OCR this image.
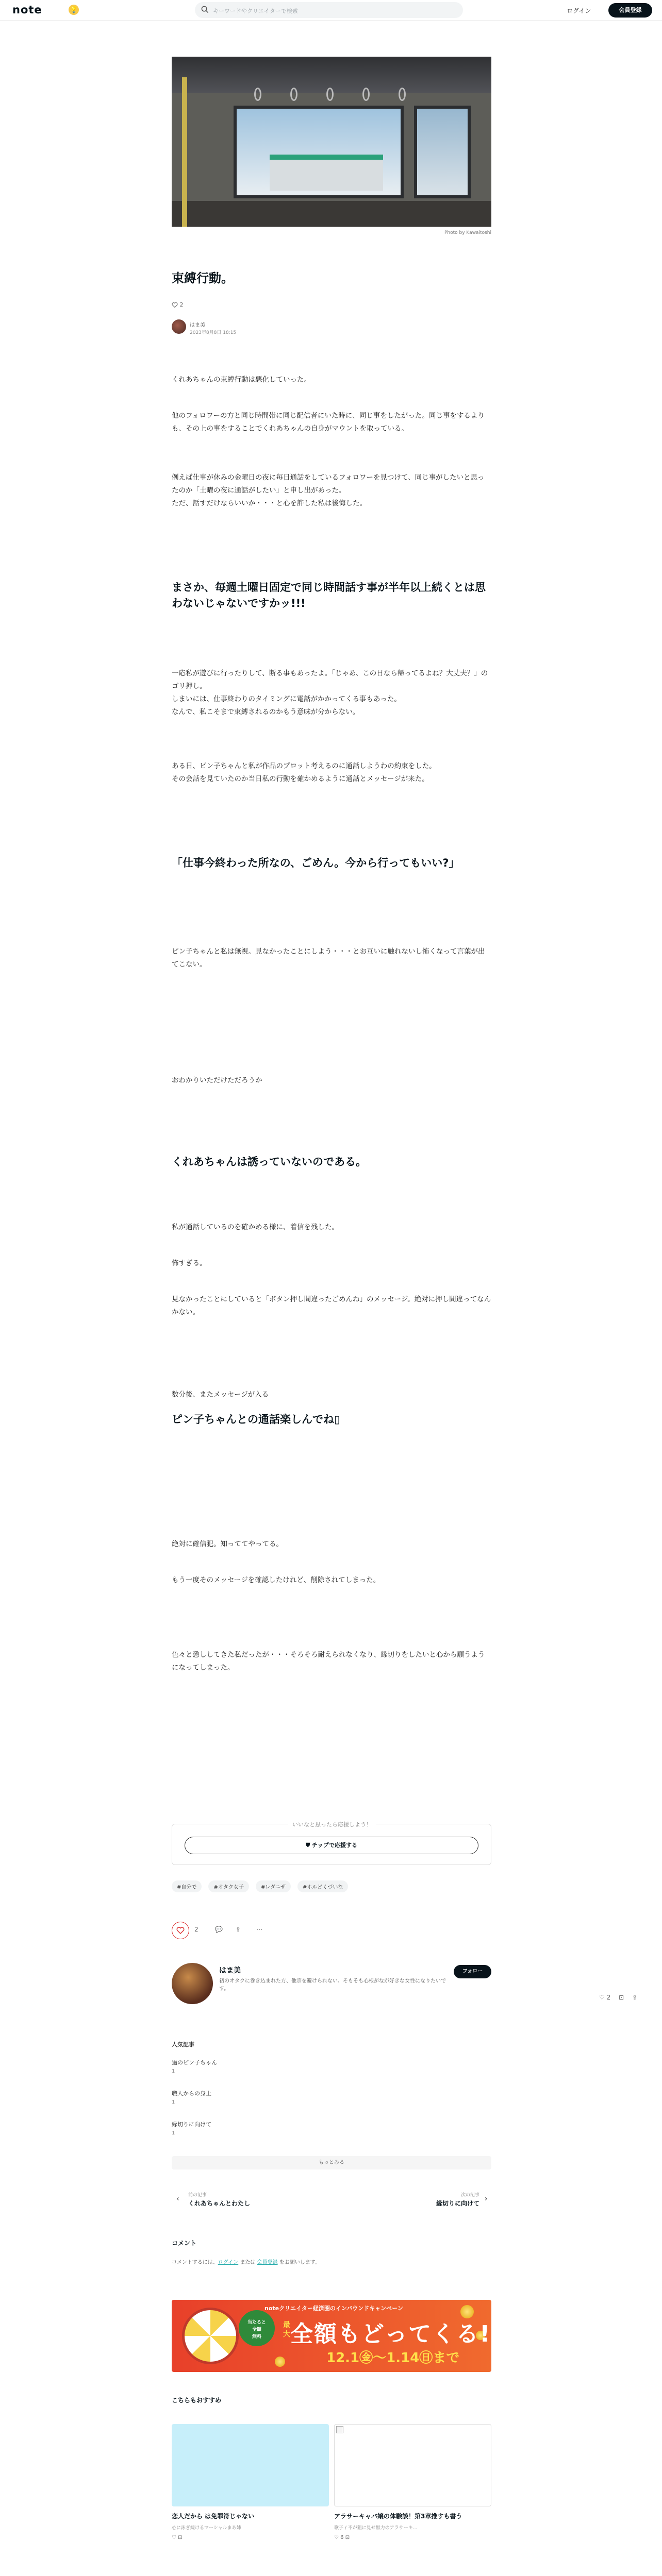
note	💡	キーワードやクリエイターで検索	ログイン	会員登録
Photo by Kawaitoshi
束縛行動。
2
はま美
2023年8月8日 18:15
くれあちゃんの束縛行動は悪化していった。
他のフォロワーの方と同じ時間帯に同じ配信者にいた時に、同じ事をしたがった。同じ事をするよりも、その上の事をすることでくれあちゃんの自身がマウントを取っている。
例えば仕事が休みの金曜日の夜に毎日通話をしているフォロワーを見つけて、同じ事がしたいと思ったのか「土曜の夜に通話がしたい」と申し出があった。
ただ、話すだけならいいか・・・と心を許した私は後悔した。
まさか、毎週土曜日固定で同じ時間話す事が半年以上続くとは思わないじゃないですかッ!!!
一応私が遊びに行ったりして、断る事もあったよ。「じゃあ、この日なら帰ってるよね？大丈夫？」のゴリ押し。
しまいには、仕事終わりのタイミングに電話がかかってくる事もあった。
なんで、私こそまで束縛されるのかもう意味が分からない。
ある日、ピン子ちゃんと私が作品のプロット考えるのに通話しようわの約束をした。
その会話を見ていたのか当日私の行動を確かめるように通話とメッセージが来た。
「仕事今終わった所なの、ごめん。今から行ってもいい?」
ピン子ちゃんと私は無視。見なかったことにしよう・・・とお互いに触れないし怖くなって言葉が出てこない。
おわかりいただけただろうか
くれあちゃんは誘っていないのである。
私が通話しているのを確かめる様に、着信を残した。
怖すぎる。
見なかったことにしていると「ボタン押し間違ったごめんね」のメッセージ。絶対に押し間違ってなんかない。
数分後、またメッセージが入る
ピン子ちゃんとの通話楽しんでね▯
絶対に確信犯。知っててやってる。
もう一度そのメッセージを確認したけれど、削除されてしまった。
色々と懲ししてきた私だったが・・・そろそろ耐えられなくなり、縁切りをしたいと心から願うようになってしまった。
いいなと思ったら応援しよう！
⛊ チップで応援する
#自分で	#オタク女子	#レダニザ	#ホルどくづいな
2	💬 ⇪ ⋯
♡ 2 ⊡ ⇪
はま美
初のオタクに巻き込まれた方、他宗を避けられない、そもそも心根がなが好きな女性になりたいです。
フォロー
人気記事
過のピン子ちゃん
1
職人からの身上
1
縁切りに向けて
1
もっとみる
‹ 前の記事
くれあちゃんとわたし
次の記事
縁切りに向けて
›
コメント
コメントするには、ログイン または 会員登録 をお願いします。
当たると
全額
無料
noteクリエイター経済圏のインバウンドキャンペーン
最大 全額もどってくる!
12.1㊎～1.14㊐まで
こちらもおすすめ
恋人だから は免罪符じゃない
心に泳ぎ続けるマーシャルまあ姉
♡ ⊡
アラサーキャバ嬢の体験談！第3章推すも書う
歌子 / 不が狙に見せ無力のアラサーキ...
♡ 6 ⊡
